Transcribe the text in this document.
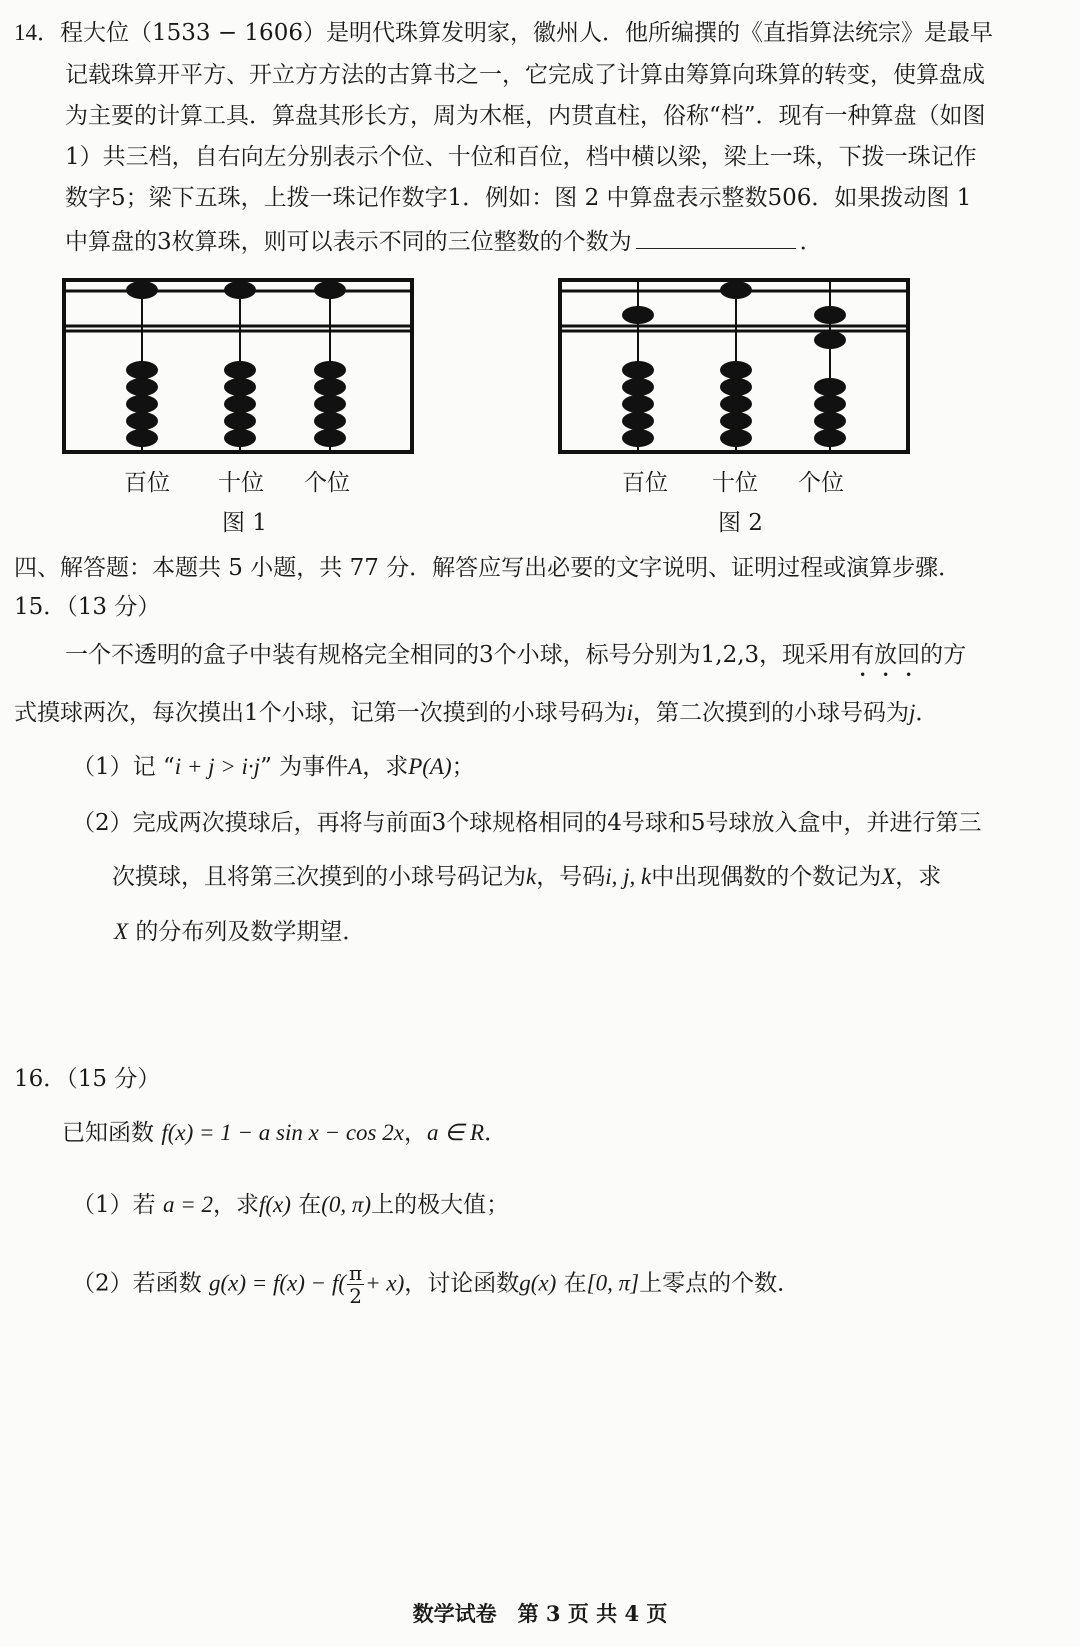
14．程大位（1533 − 1606）是明代珠算发明家，徽州人．他所编撰的《直指算法统宗》是最早
记载珠算开平方、开立方方法的古算书之一，它完成了计算由筹算向珠算的转变，使算盘成
为主要的计算工具．算盘其形长方，周为木框，内贯直柱，俗称“档”．现有一种算盘（如图
1）共三档，自右向左分别表示个位、十位和百位，档中横以梁，梁上一珠，下拨一珠记作
数字5；梁下五珠，上拨一珠记作数字1．例如：图 2 中算盘表示整数506．如果拨动图 1
中算盘的3枚算珠，则可以表示不同的三位整数的个数为	．
百位 十位 个位
图 1
百位 十位 个位
图 2
四、解答题：本题共 5 小题，共 77 分．解答应写出必要的文字说明、证明过程或演算步骤．
15．（13 分）
一个不透明的盒子中装有规格完全相同的3个小球，标号分别为1,2,3，现采用有放回的方
式摸球两次，每次摸出1个小球，记第一次摸到的小球号码为i，第二次摸到的小球号码为j．
（1）记 “i + j > i·j” 为事件A，求P(A)；
（2）完成两次摸球后，再将与前面3个球规格相同的4号球和5号球放入盒中，并进行第三
次摸球，且将第三次摸到的小球号码记为k，号码i, j, k中出现偶数的个数记为X，求
X 的分布列及数学期望．
16．（15 分）
已知函数 f(x) = 1 − a sin x − cos 2x，a ∈ R．
（1）若 a = 2，求f(x) 在(0, π)上的极大值；
（2）若函数 $g(x) = f(x) - f( \frac{\pi}{2} + x)$，讨论函数g(x) 在[0, π]上零点的个数．
数学试卷　第 3 页 共 4 页
